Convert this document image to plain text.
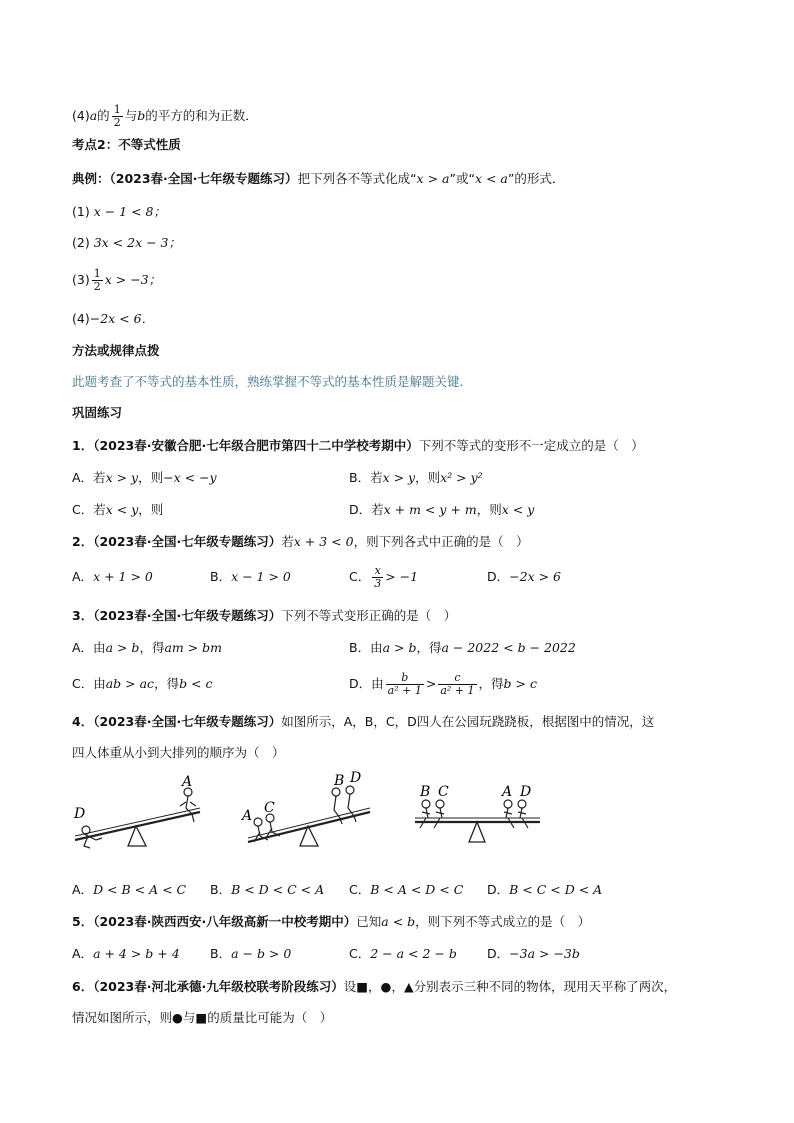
(4)a的 $\frac{1}{2}$ 与b的平方的和为正数．
考点2：不等式性质
典例：（2023春·全国·七年级专题练习）把下列各不等式化成“x > a”或“x < a”的形式．
(1) x − 1 < 8；
(2) 3x < 2x − 3；
$(3) \frac{1}{2}$ x > −3；
(4)−2x < 6．
方法或规律点拨
此题考查了不等式的基本性质，熟练掌握不等式的基本性质是解题关键．
巩固练习
1．（2023春·安徽合肥·七年级合肥市第四十二中学校考期中）下列不等式的变形不一定成立的是（　）
A．若x > y，则−x < −y	B．若x > y，则x² > y²
C．若x < y，则	D．若x + m < y + m，则x < y
2．（2023春·全国·七年级专题练习）若x + 3 < 0，则下列各式中正确的是（　）
A．x + 1 > 0	B．x − 1 > 0	C． $\frac{x}{3} > -1$	D．−2x > 6
3．（2023春·全国·七年级专题练习）下列不等式变形正确的是（　）
A．由a > b，得am > bm	B．由a > b，得a − 2022 < b − 2022
C．由ab > ac，得b < c	D．由 $\frac{b}{\text{a² + 1}} > \frac{c}{\text{a² + 1}}$ ，得b > c
4．（2023春·全国·七年级专题练习）如图所示，A，B，C，D四人在公园玩跷跷板，根据图中的情况，这
四人体重从小到大排列的顺序为（　）
D
A
A C
B D
B C	A D
A．D < B < A < C B．B < D < C < A C．B < A < D < C D．B < C < D < A
5．（2023春·陕西西安·八年级高新一中校考期中）已知a < b，则下列不等式成立的是（　）
A．a + 4 > b + 4 B．a − b > 0	C．2 − a < 2 − b D．−3a > −3b
6．（2023春·河北承德·九年级校联考阶段练习）设■，●，▲分别表示三种不同的物体，现用天平称了两次，
情况如图所示，则●与■的质量比可能为（　）
